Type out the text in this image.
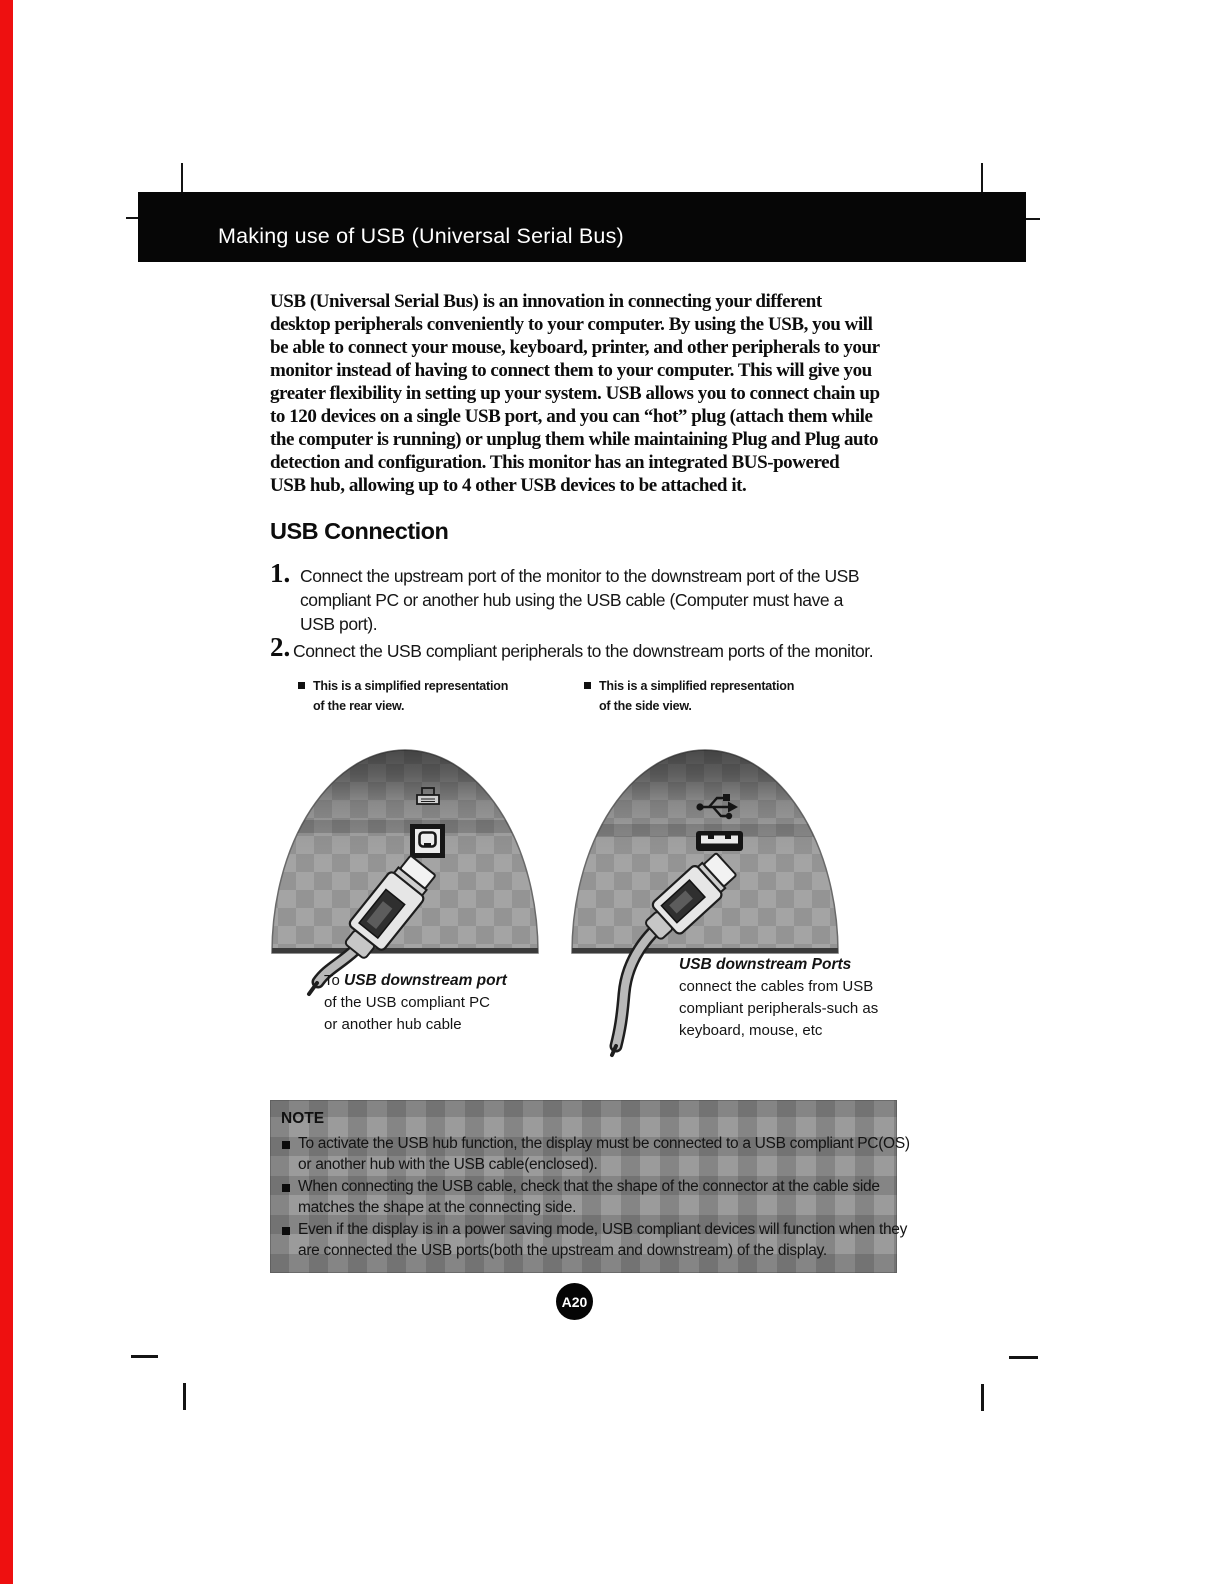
Making use of USB (Universal Serial Bus)
USB (Universal Serial Bus) is an innovation in connecting your different
desktop peripherals conveniently to your computer. By using the USB, you will
be able to connect your mouse, keyboard, printer, and other peripherals to your
monitor instead of having to connect them to your computer. This will give you
greater flexibility in setting up your system. USB allows you to connect chain up
to 120 devices on a single USB port, and you can “hot” plug (attach them while
the computer is running) or unplug them while maintaining Plug and Plug auto
detection and configuration. This monitor has an integrated BUS-powered
USB hub, allowing up to 4 other USB devices to be attached it.
USB Connection
1. Connect the upstream port of the monitor to the downstream port of the USB
compliant PC or another hub using the USB cable (Computer must have a
USB port).
2. Connect the USB compliant peripherals to the downstream ports of the monitor.
This is a simplified representation
of the rear view.
This is a simplified representation
of the side view.
To USB downstream port
of the USB compliant PC
or another hub cable
USB downstream Ports
connect the cables from USB
compliant peripherals-such as
keyboard, mouse, etc
NOTE
To activate the USB hub function, the display must be connected to a USB compliant PC(OS)
or another hub with the USB cable(enclosed).
When connecting the USB cable, check that the shape of the connector at the cable side
matches the shape at the connecting side.
Even if the display is in a power saving mode, USB compliant devices will function when they
are connected the USB ports(both the upstream and downstream) of the display.
A20
